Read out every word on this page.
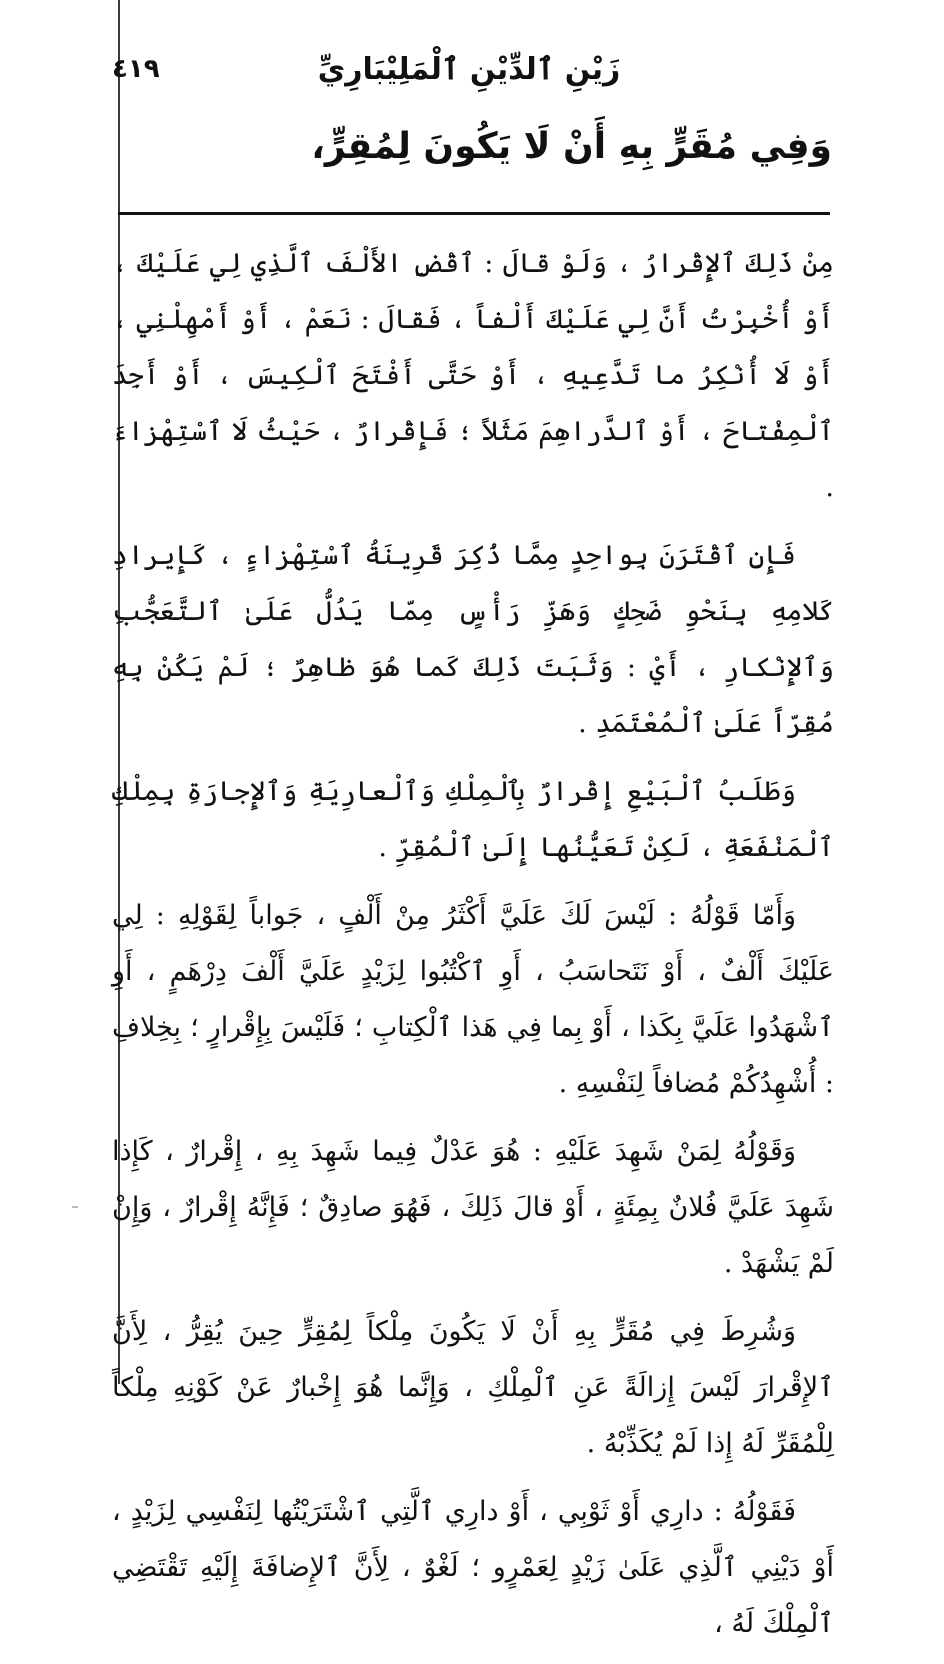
٤١٩	زَيْنِ ٱلدِّيْنِ ٱلْمَلِيْبَارِيِّ
وَفِي مُقَرٍّ بِهِ أَنْ لَا يَكُونَ لِمُقِرٍّ،

مِنْ ذَلِكَ ٱلإِقْرارُ ، وَلَوْ قالَ : ٱقْضِ الأَلْفَ ٱلَّذِي لِي عَلَيْكَ ، أَوْ أُخْبِرْتُ أَنَّ لِي عَلَيْكَ أَلْفاً ، فَقالَ : نَعَمْ ، أَوْ أَمْهِلْنِي ، أَوْ لَا أُنْكِرُ ما تَدَّعِيهِ ، أَوْ حَتَّى أَفْتَحَ ٱلْكِيسَ ، أَوْ أَجِدَ ٱلْمِفْتاحَ ، أَوْ ٱلدَّراهِمَ مَثَلاً ؛ فَإِقْرارٌ ، حَيْثُ لَا ٱسْتِهْزاءَ .

فَإِنِ ٱقْتَرَنَ بِواحِدٍ مِمَّا ذُكِرَ قَرِينَةُ ٱسْتِهْزاءٍ ، كَإِيرادِ كَلامِهِ بِنَحْوِ ضَحِكٍ وَهَزِّ رَأْسٍ مِمّا يَدُلُّ عَلَىٰ ٱلتَّعَجُّبِ وَٱلإِنْكارِ ، أَيْ : وَثَبَتَ ذَلِكَ كَما هُوَ ظاهِرٌ ؛ لَمْ يَكُنْ بِهِ مُقِرّاً عَلَىٰ ٱلْمُعْتَمَدِ .

وَطَلَبُ ٱلْبَيْعِ إِقْرارٌ بِٱلْمِلْكِ وَٱلْعارِيَةِ وَٱلإِجارَةِ بِمِلْكِ ٱلْمَنْفَعَةِ ، لَكِنْ تَعَيُّنُها إِلَىٰ ٱلْمُقِرِّ .

وَأَمّا قَوْلُهُ : لَيْسَ لَكَ عَلَيَّ أَكْثَرُ مِنْ أَلْفٍ ، جَواباً لِقَوْلِهِ : لِي عَلَيْكَ أَلْفٌ ، أَوْ نَتَحاسَبُ ، أَوِ ٱكْتُبُوا لِزَيْدٍ عَلَيَّ أَلْفَ دِرْهَمٍ ، أَوِ ٱشْهَدُوا عَلَيَّ بِكَذا ، أَوْ بِما فِي هَذا ٱلْكِتابِ ؛ فَلَيْسَ بِإِقْرارٍ ؛ بِخِلافِ : أُشْهِدُكُمْ مُضافاً لِنَفْسِهِ .

وَقَوْلُهُ لِمَنْ شَهِدَ عَلَيْهِ : هُوَ عَدْلٌ فِيما شَهِدَ بِهِ ، إِقْرارٌ ، كَإِذا شَهِدَ عَلَيَّ فُلانٌ بِمِئَةٍ ، أَوْ قالَ ذَلِكَ ، فَهُوَ صادِقٌ ؛ فَإِنَّهُ إِقْرارٌ ، وَإِنْ لَمْ يَشْهَدْ .

وَشُرِطَ فِي مُقَرٍّ بِهِ أَنْ لَا يَكُونَ مِلْكاً لِمُقِرٍّ حِينَ يُقِرُّ ، لِأَنَّ ٱلإِقْرارَ لَيْسَ إِزالَةً عَنِ ٱلْمِلْكِ ، وَإِنَّما هُوَ إِخْبارٌ عَنْ كَوْنِهِ مِلْكاً لِلْمُقَرِّ لَهُ إِذا لَمْ يُكَذِّبْهُ .

فَقَوْلُهُ : دارِي أَوْ ثَوْبِي ، أَوْ دارِي ٱلَّتِي ٱشْتَرَيْتُها لِنَفْسِي لِزَيْدٍ ، أَوْ دَيْنِي ٱلَّذِي عَلَىٰ زَيْدٍ لِعَمْرٍو ؛ لَغْوٌ ، لِأَنَّ ٱلإِضافَةَ إِلَيْهِ تَقْتَضِي ٱلْمِلْكَ لَهُ ،
